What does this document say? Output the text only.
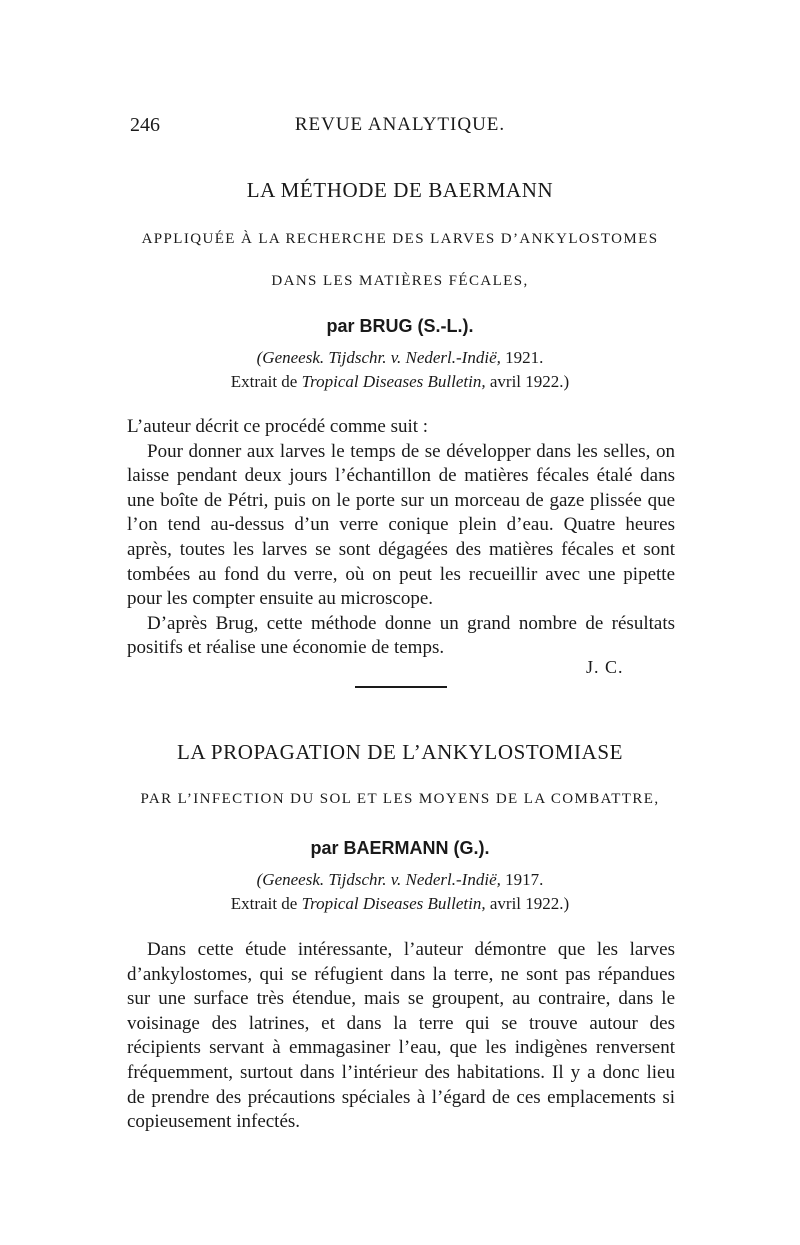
246	REVUE ANALYTIQUE.
LA MÉTHODE DE BAERMANN
APPLIQUÉE À LA RECHERCHE DES LARVES D’ANKYLOSTOMES
DANS LES MATIÈRES FÉCALES,
par BRUG (S.-L.).
(Geneesk. Tijdschr. v. Nederl.-Indië, 1921.
Extrait de Tropical Diseases Bulletin, avril 1922.)

L’auteur décrit ce procédé comme suit :

Pour donner aux larves le temps de se développer dans les selles, on laisse pendant deux jours l’échantillon de matières fécales étalé dans une boîte de Pétri, puis on le porte sur un morceau de gaze plissée que l’on tend au-dessus d’un verre conique plein d’eau. Quatre heures après, toutes les larves se sont dégagées des matières fécales et sont tombées au fond du verre, où on peut les recueillir avec une pipette pour les compter ensuite au microscope.

D’après Brug, cette méthode donne un grand nombre de résultats positifs et réalise une économie de temps.

J. C.
LA PROPAGATION DE L’ANKYLOSTOMIASE
PAR L’INFECTION DU SOL ET LES MOYENS DE LA COMBATTRE,
par BAERMANN (G.).
(Geneesk. Tijdschr. v. Nederl.-Indië, 1917.
Extrait de Tropical Diseases Bulletin, avril 1922.)

Dans cette étude intéressante, l’auteur démontre que les larves d’ankylostomes, qui se réfugient dans la terre, ne sont pas répandues sur une surface très étendue, mais se groupent, au contraire, dans le voisinage des latrines, et dans la terre qui se trouve autour des récipients servant à emmagasiner l’eau, que les indigènes renversent fréquemment, surtout dans l’intérieur des habitations. Il y a donc lieu de prendre des précautions spéciales à l’égard de ces emplacements si copieusement infectés.
